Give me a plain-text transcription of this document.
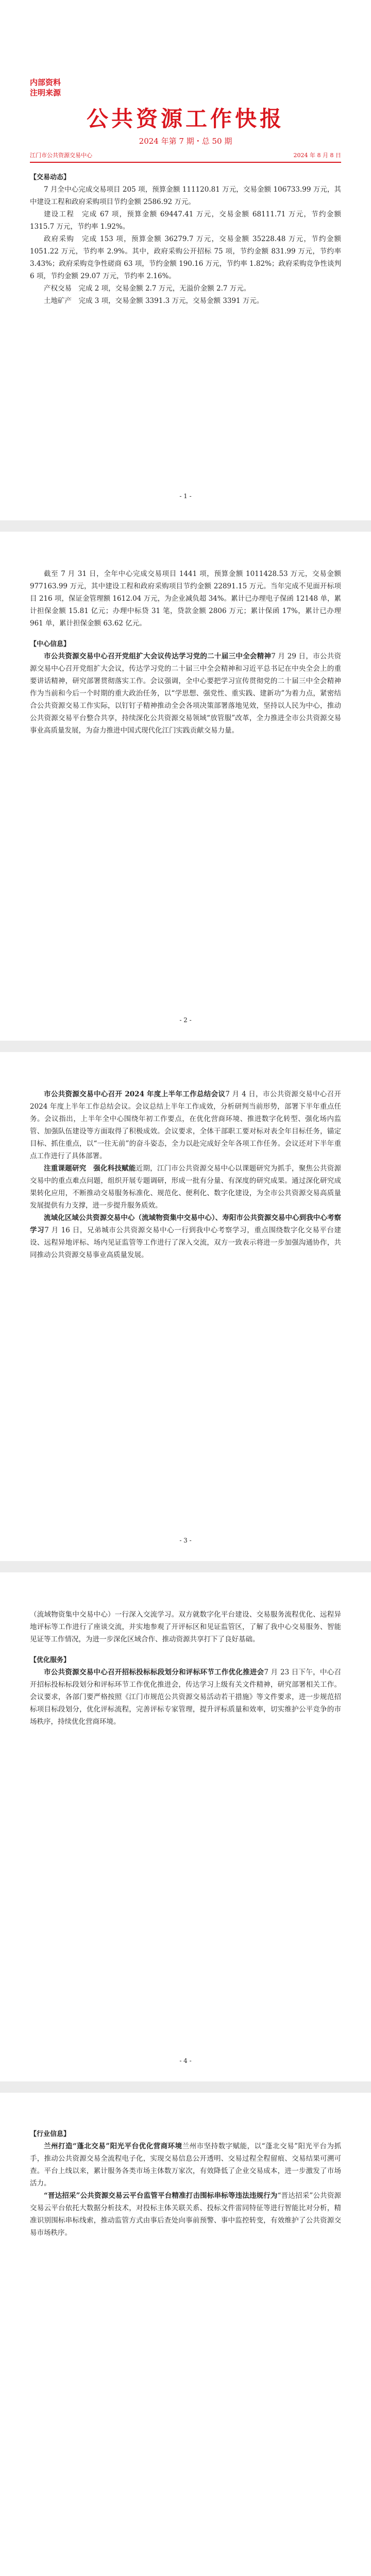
内部资料
注明来源
公共资源工作快报
2024 年第 7 期・总 50 期
江门市公共资源交易中心	2024 年 8 月 8 日
【交易动态】

7 月全中心完成交易项目 205 项，预算金额 111120.81 万元，交易金额 106733.99 万元，其中建设工程和政府采购项目节约金额 2586.92 万元。

建设工程　完成 67 项，预算金额 69447.41 万元，交易金额 68111.71 万元，节约金额 1315.7 万元，节约率 1.92%。

政府采购　完成 153 项，预算金额 36279.7 万元，交易金额 35228.48 万元，节约金额 1051.22 万元，节约率 2.9%。其中，政府采购公开招标 75 项，节约金额 831.99 万元，节约率 3.43%；政府采购竞争性磋商 63 项，节约金额 190.16 万元，节约率 1.82%；政府采购竞争性谈判 6 项，节约金额 29.07 万元，节约率 2.16%。

产权交易　完成 2 项，交易金额 2.7 万元，无溢价金额 2.7 万元。

土地矿产　完成 3 项，交易金额 3391.3 万元，交易金额 3391 万元。

- 1 -

截至 7 月 31 日，全年中心完成交易项目 1441 项，预算金额 1011428.53 万元，交易金额 977163.99 万元，其中建设工程和政府采购项目节约金额 22891.15 万元。当年完成不见面开标项目 216 项，保证金管理额 1612.04 万元，为企业减负超 34%。累计已办理电子保函 12148 单，累计担保金额 15.81 亿元；办理中标贷 31 笔，贷款金额 2806 万元；累计保函 17%，累计已办理 961 单，累计担保金额 63.62 亿元。

【中心信息】

市公共资源交易中心召开党组扩大会议传达学习党的二十届三中全会精神7 月 29 日，市公共资源交易中心召开党组扩大会议，传达学习党的二十届三中全会精神和习近平总书记在中央全会上的重要讲话精神，研究部署贯彻落实工作。会议强调，全中心要把学习宣传贯彻党的二十届三中全会精神作为当前和今后一个时期的重大政治任务，以“学思想、强党性、重实践、建新功”为着力点，紧密结合公共资源交易工作实际，以钉钉子精神推动全会各项决策部署落地见效，坚持以人民为中心，推动公共资源交易平台整合共享，持续深化公共资源交易领域“放管服”改革，全力推进全市公共资源交易事业高质量发展，为奋力推进中国式现代化江门实践贡献交易力量。

- 2 -

市公共资源交易中心召开 2024 年度上半年工作总结会议7 月 4 日，市公共资源交易中心召开 2024 年度上半年工作总结会议。会议总结上半年工作成效，分析研判当前形势，部署下半年重点任务。会议指出，上半年全中心围绕年初工作要点，在优化营商环境、推进数字化转型、强化场内监管、加强队伍建设等方面取得了积极成效。会议要求，全体干部职工要对标对表全年目标任务，锚定目标、抓住重点，以“一往无前”的奋斗姿态，全力以赴完成好全年各项工作任务。会议还对下半年重点工作进行了具体部署。

注重课题研究　强化科技赋能近期，江门市公共资源交易中心以课题研究为抓手，聚焦公共资源交易中的重点难点问题，组织开展专题调研，形成一批有分量、有深度的研究成果。通过深化研究成果转化应用，不断推动交易服务标准化、规范化、便利化、数字化建设，为全市公共资源交易高质量发展提供有力支撑，进一步提升服务质效。

流域化区域公共资源交易中心（流域物资集中交易中心）、寿阳市公共资源交易中心到我中心考察学习7 月 16 日，兄弟城市公共资源交易中心一行到我中心考察学习，重点围绕数字化交易平台建设、远程异地评标、场内见证监管等工作进行了深入交流，双方一致表示将进一步加强沟通协作，共同推动公共资源交易事业高质量发展。

- 3 -

（流域物资集中交易中心）一行深入交流学习。双方就数字化平台建设、交易服务流程优化、远程异地评标等工作进行了座谈交流，并实地参观了开评标区和见证监管区，了解了我中心交易服务、智能见证等工作情况，为进一步深化区域合作、推动资源共享打下了良好基础。

【优化服务】

市公共资源交易中心召开招标投标标段划分和评标环节工作优化推进会7 月 23 日下午，中心召开招标投标标段划分和评标环节工作优化推进会，传达学习上级有关文件精神，研究部署相关工作。会议要求，各部门要严格按照《江门市规范公共资源交易活动若干措施》等文件要求，进一步规范招标项目标段划分，优化评标流程，完善评标专家管理，提升评标质量和效率，切实维护公平竞争的市场秩序，持续优化营商环境。

- 4 -
【行业信息】

兰州打造“蓬北交易”阳光平台优化营商环境兰州市坚持数字赋能，以“蓬北交易”阳光平台为抓手，推动公共资源交易全流程电子化，实现交易信息公开透明、交易过程全程留痕、交易结果可溯可查。平台上线以来，累计服务各类市场主体数万家次，有效降低了企业交易成本，进一步激发了市场活力。

“晋达招采”公共资源交易云平台监管平台精准打击围标串标等违法违规行为“晋达招采”公共资源交易云平台依托大数据分析技术，对投标主体关联关系、投标文件雷同特征等进行智能比对分析，精准识别围标串标线索，推动监管方式由事后查处向事前预警、事中监控转变，有效维护了公共资源交易市场秩序。
